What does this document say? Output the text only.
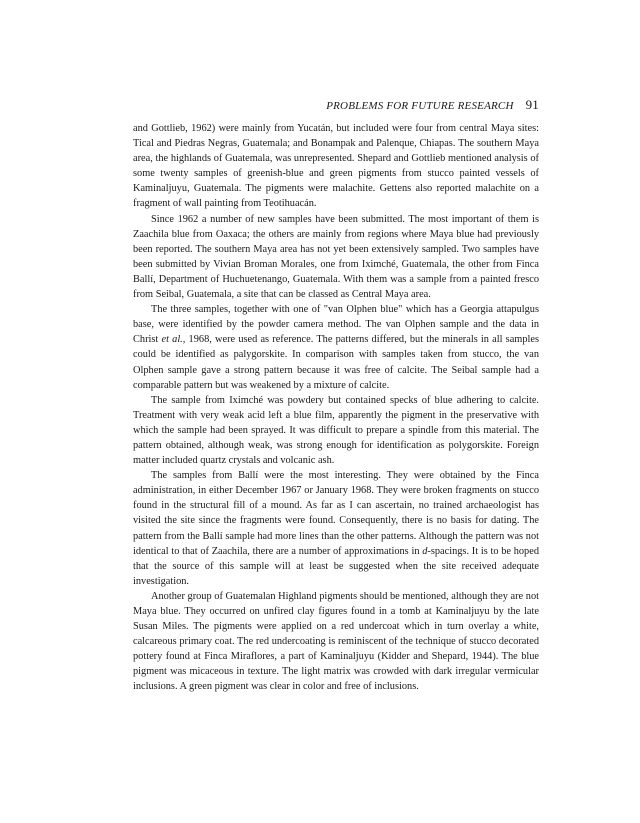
PROBLEMS FOR FUTURE RESEARCH 91

and Gottlieb, 1962) were mainly from Yucatán, but included were four from central Maya sites: Tical and Piedras Negras, Guatemala; and Bonampak and Palenque, Chiapas. The southern Maya area, the highlands of Guatemala, was unrepresented. Shepard and Gottlieb mentioned analysis of some twenty samples of greenish-blue and green pigments from stucco painted vessels of Kaminaljuyu, Guatemala. The pigments were malachite. Gettens also reported malachite on a fragment of wall painting from Teotihuacán.

Since 1962 a number of new samples have been submitted. The most important of them is Zaachila blue from Oaxaca; the others are mainly from regions where Maya blue had previously been reported. The southern Maya area has not yet been extensively sampled. Two samples have been submitted by Vivian Broman Morales, one from Iximché, Guatemala, the other from Finca Ballí, Department of Huchuetenango, Guatemala. With them was a sample from a painted fresco from Seibal, Guatemala, a site that can be classed as Central Maya area.

The three samples, together with one of "van Olphen blue" which has a Georgia attapulgus base, were identified by the powder camera method. The van Olphen sample and the data in Christ et al., 1968, were used as reference. The patterns differed, but the minerals in all samples could be identified as palygorskite. In comparison with samples taken from stucco, the van Olphen sample gave a strong pattern because it was free of calcite. The Seibal sample had a comparable pattern but was weakened by a mixture of calcite.

The sample from Iximché was powdery but contained specks of blue adhering to calcite. Treatment with very weak acid left a blue film, apparently the pigment in the preservative with which the sample had been sprayed. It was difficult to prepare a spindle from this material. The pattern obtained, although weak, was strong enough for identification as polygorskite. Foreign matter included quartz crystals and volcanic ash.

The samples from Ballí were the most interesting. They were obtained by the Finca administration, in either December 1967 or January 1968. They were broken fragments on stucco found in the structural fill of a mound. As far as I can ascertain, no trained archaeologist has visited the site since the fragments were found. Consequently, there is no basis for dating. The pattern from the Ballí sample had more lines than the other patterns. Although the pattern was not identical to that of Zaachila, there are a number of approximations in d-spacings. It is to be hoped that the source of this sample will at least be suggested when the site received adequate investigation.

Another group of Guatemalan Highland pigments should be mentioned, although they are not Maya blue. They occurred on unfired clay figures found in a tomb at Kaminaljuyu by the late Susan Miles. The pigments were applied on a red undercoat which in turn overlay a white, calcareous primary coat. The red undercoating is reminiscent of the technique of stucco decorated pottery found at Finca Miraflores, a part of Kaminaljuyu (Kidder and Shepard, 1944). The blue pigment was micaceous in texture. The light matrix was crowded with dark irregular vermicular inclusions. A green pigment was clear in color and free of inclusions.
